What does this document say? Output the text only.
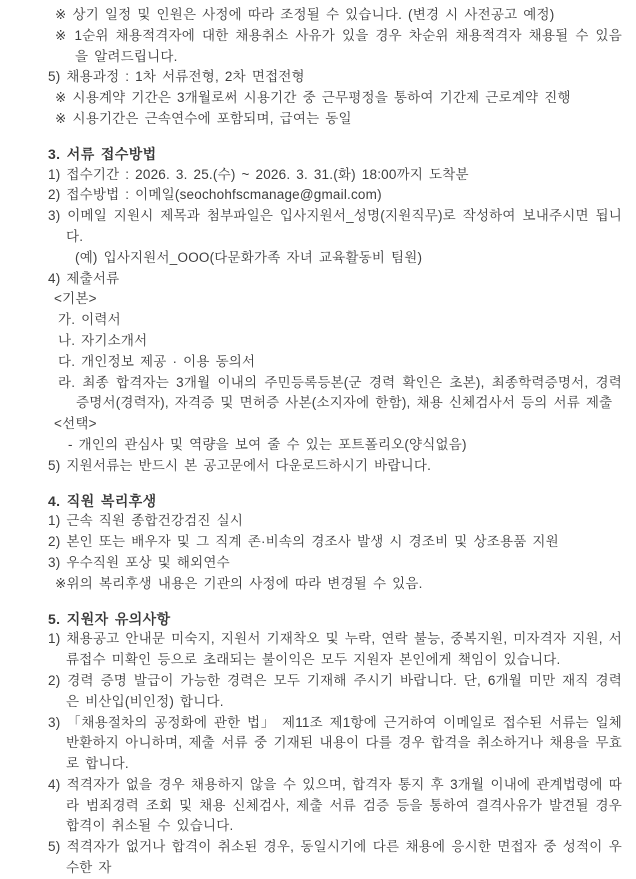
※ 상기 일정 및 인원은 사정에 따라 조정될 수 있습니다. (변경 시 사전공고 예정)
※ 1순위 채용적격자에 대한 채용취소 사유가 있을 경우 차순위 채용적격자 채용될 수 있음을 알려드립니다.
5) 채용과정 : 1차 서류전형, 2차 면접전형
※ 시용계약 기간은 3개월로써 시용기간 중 근무평정을 통하여 기간제 근로계약 진행
※ 시용기간은 근속연수에 포함되며, 급여는 동일
3. 서류 접수방법
1) 접수기간 : 2026. 3. 25.(수) ~ 2026. 3. 31.(화) 18:00까지 도착분
2) 접수방법 : 이메일(seochohfscmanage@gmail.com)
3) 이메일 지원시 제목과 첨부파일은 입사지원서_성명(지원직무)로 작성하여 보내주시면 됩니다.
(예) 입사지원서_OOO(다문화가족 자녀 교육활동비 팀원)
4) 제출서류
<기본>
가. 이력서
나. 자기소개서
다. 개인정보 제공 · 이용 동의서
라. 최종 합격자는 3개월 이내의 주민등록등본(군 경력 확인은 초본), 최종학력증명서, 경력증명서(경력자), 자격증 및 면허증 사본(소지자에 한함), 채용 신체검사서 등의 서류 제출
<선택>
- 개인의 관심사 및 역량을 보여 줄 수 있는 포트폴리오(양식없음)
5) 지원서류는 반드시 본 공고문에서 다운로드하시기 바랍니다.
4. 직원 복리후생
1) 근속 직원 종합건강검진 실시
2) 본인 또는 배우자 및 그 직계 존·비속의 경조사 발생 시 경조비 및 상조용품 지원
3) 우수직원 포상 및 해외연수
※위의 복리후생 내용은 기관의 사정에 따라 변경될 수 있음.
5. 지원자 유의사항
1) 채용공고 안내문 미숙지, 지원서 기재착오 및 누락, 연락 불능, 중복지원, 미자격자 지원, 서류접수 미확인 등으로 초래되는 불이익은 모두 지원자 본인에게 책임이 있습니다.
2) 경력 증명 발급이 가능한 경력은 모두 기재해 주시기 바랍니다. 단, 6개월 미만 재직 경력은 비산입(비인정) 합니다.
3) 「채용절차의 공정화에 관한 법」 제11조 제1항에 근거하여 이메일로 접수된 서류는 일체 반환하지 아니하며, 제출 서류 중 기재된 내용이 다를 경우 합격을 취소하거나 채용을 무효로 합니다.
4) 적격자가 없을 경우 채용하지 않을 수 있으며, 합격자 통지 후 3개월 이내에 관계법령에 따라 범죄경력 조회 및 채용 신체검사, 제출 서류 검증 등을 통하여 결격사유가 발견될 경우 합격이 취소될 수 있습니다.
5) 적격자가 없거나 합격이 취소된 경우, 동일시기에 다른 채용에 응시한 면접자 중 성적이 우수한 자
